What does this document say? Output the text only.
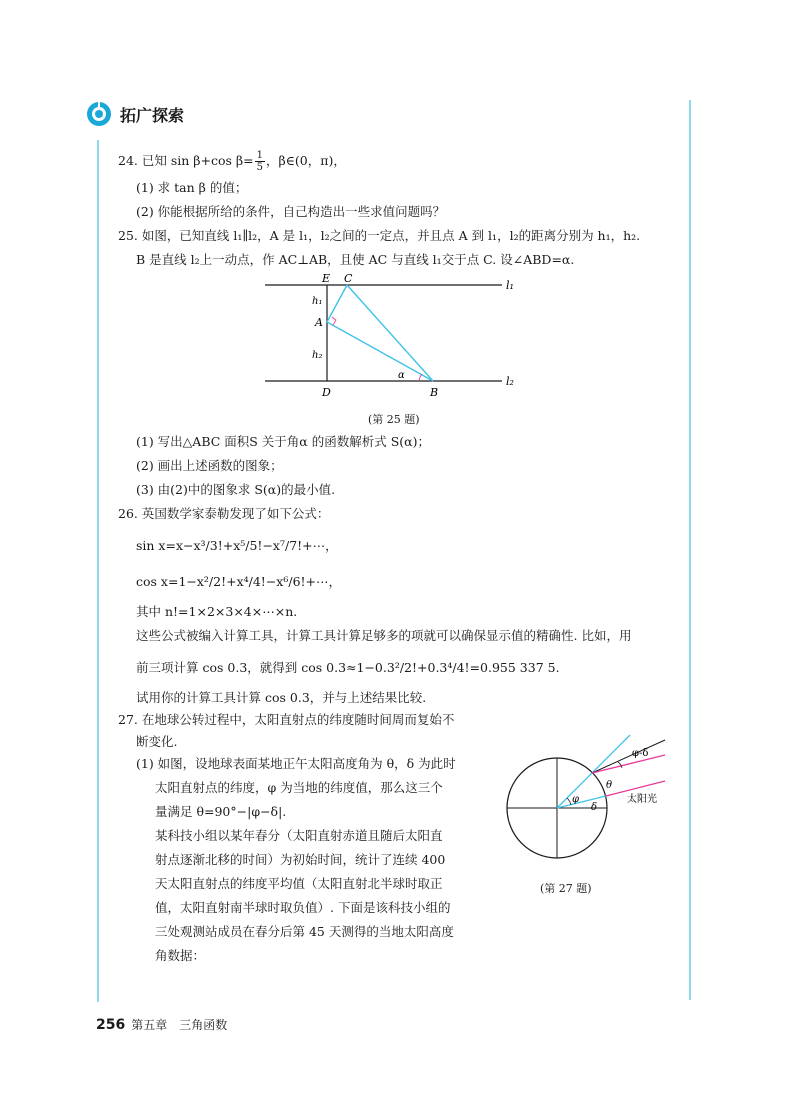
拓广探索
24. 已知 sin β+cos $\beta= \frac{1}{5}$ ，β∈(0，π)，
(1) 求 tan β 的值；
(2) 你能根据所给的条件，自己构造出一些求值问题吗？
25. 如图，已知直线 l₁∥l₂，A 是 l₁，l₂之间的一定点，并且点 A 到 l₁，l₂的距离分别为 h₁，h₂.
B 是直线 l₂上一动点，作 AC⊥AB，且使 AC 与直线 l₁交于点 C. 设∠ABD=α.
E C
l₁
h₁
A
h₂
α
D	B
l₂
(第 25 题)
(1) 写出△ABC 面积S 关于角α 的函数解析式 S(α)；
(2) 画出上述函数的图象；
(3) 由(2)中的图象求 S(α)的最小值.
26. 英国数学家泰勒发现了如下公式：
sin x=x−x³/3!+x⁵/5!−x⁷/7!+⋯，
cos x=1−x²/2!+x⁴/4!−x⁶/6!+⋯，
其中 n!=1×2×3×4×⋯×n.
这些公式被编入计算工具，计算工具计算足够多的项就可以确保显示值的精确性. 比如，用
前三项计算 cos 0.3，就得到 cos 0.3≈1−0.3²/2!+0.3⁴/4!=0.955 337 5.
试用你的计算工具计算 cos 0.3，并与上述结果比较.
27. 在地球公转过程中，太阳直射点的纬度随时间周而复始不
断变化.
(1) 如图，设地球表面某地正午太阳高度角为 θ，δ 为此时
太阳直射点的纬度，φ 为当地的纬度值，那么这三个
量满足 θ=90°−|φ−δ|.
某科技小组以某年春分（太阳直射赤道且随后太阳直
射点逐渐北移的时间）为初始时间，统计了连续 400
天太阳直射点的纬度平均值（太阳直射北半球时取正
值，太阳直射南半球时取负值）. 下面是该科技小组的
三处观测站成员在春分后第 45 天测得的当地太阳高度
角数据：
φ-δ
θ
φ
δ
太阳光
(第 27 题)
256 第五章　三角函数
